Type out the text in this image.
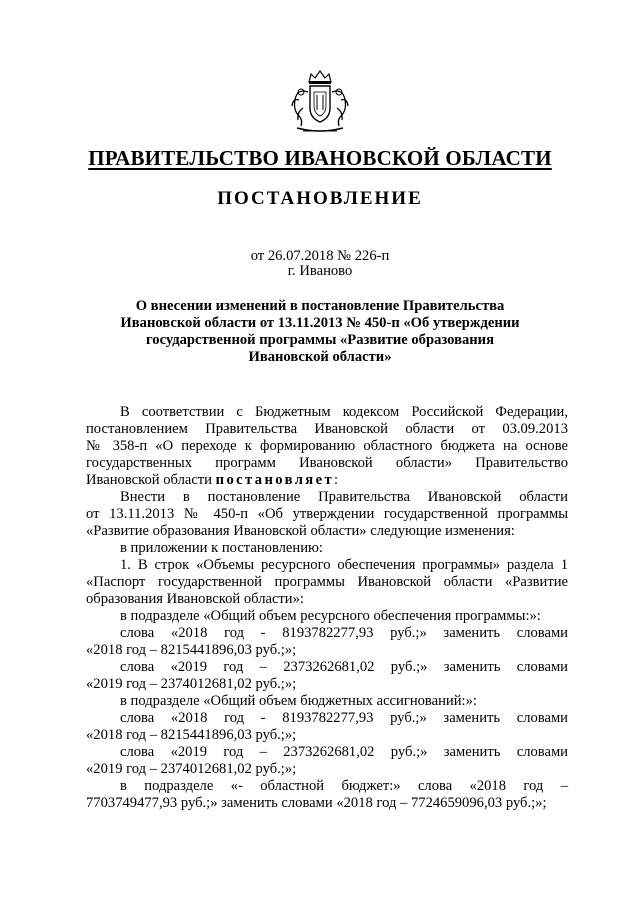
ПРАВИТЕЛЬСТВО ИВАНОВСКОЙ ОБЛАСТИ
ПОСТАНОВЛЕНИЕ
от 26.07.2018 № 226-п
г. Иваново
О внесении изменений в постановление Правительства
Ивановской области от 13.11.2013 № 450-п «Об утверждении
государственной программы «Развитие образования
Ивановской области»
В соответствии с Бюджетным кодексом Российской Федерации,
постановлением Правительства Ивановской области от 03.09.2013
№ 358-п «О переходе к формированию областного бюджета на основе
государственных программ Ивановской области» Правительство
Ивановской области постановляет:
Внести в постановление Правительства Ивановской области
от 13.11.2013 № 450-п «Об утверждении государственной программы
«Развитие образования Ивановской области» следующие изменения:
в приложении к постановлению:
1. В строк «Объемы ресурсного обеспечения программы» раздела 1
«Паспорт государственной программы Ивановской области «Развитие
образования Ивановской области»:
в подразделе «Общий объем ресурсного обеспечения программы:»:
слова «2018 год - 8193782277,93 руб.;» заменить словами
«2018 год – 8215441896,03 руб.;»;
слова «2019 год – 2373262681,02 руб.;» заменить словами
«2019 год – 2374012681,02 руб.;»;
в подразделе «Общий объем бюджетных ассигнований:»:
слова «2018 год - 8193782277,93 руб.;» заменить словами
«2018 год – 8215441896,03 руб.;»;
слова «2019 год – 2373262681,02 руб.;» заменить словами
«2019 год – 2374012681,02 руб.;»;
в подразделе «- областной бюджет:» слова «2018 год –
7703749477,93 руб.;» заменить словами «2018 год – 7724659096,03 руб.;»;
